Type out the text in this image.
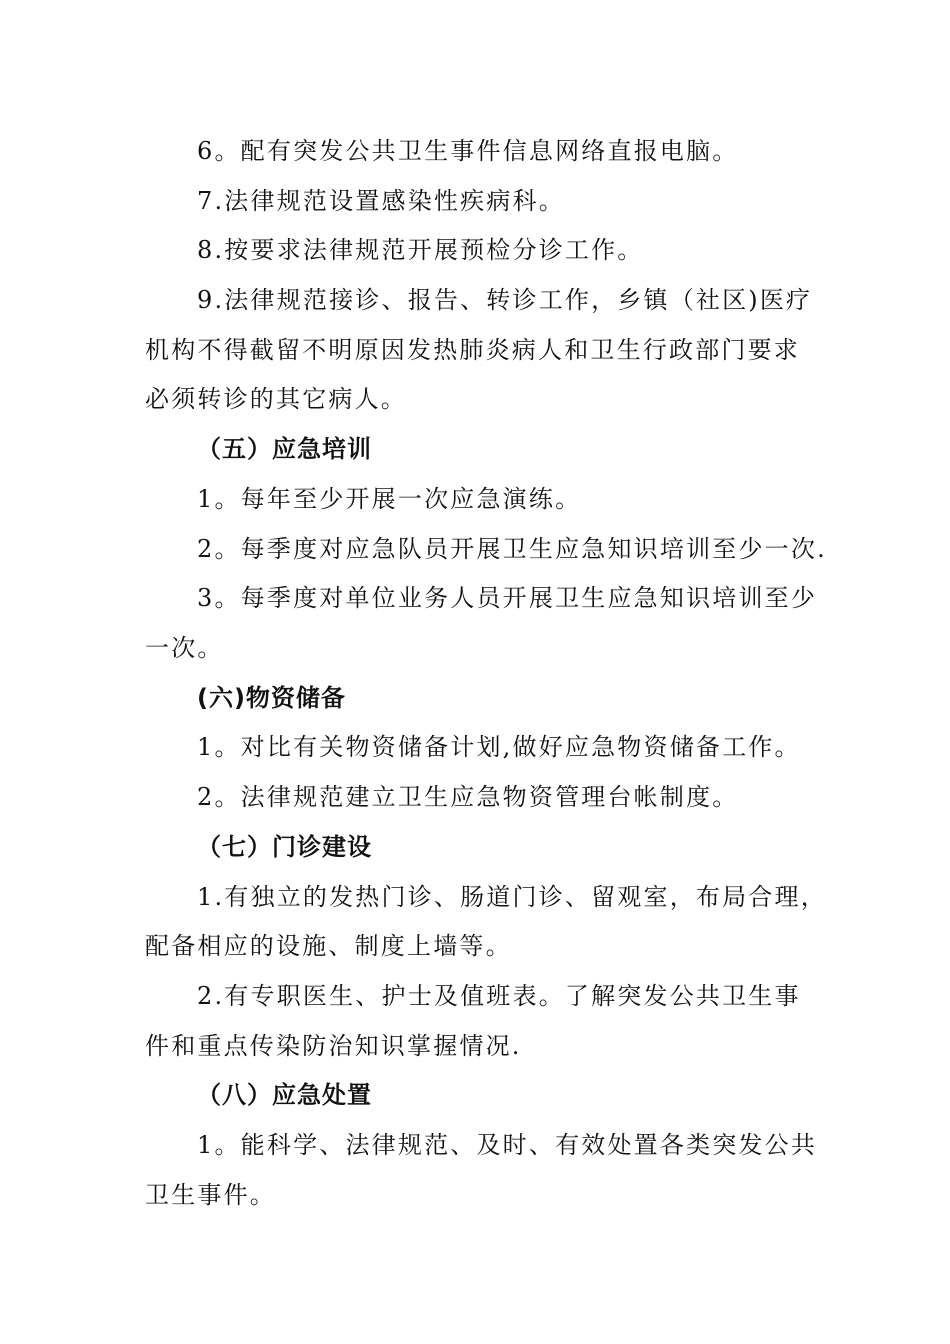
6。配有突发公共卫生事件信息网络直报电脑。
7.法律规范设置感染性疾病科。
8.按要求法律规范开展预检分诊工作。
9.法律规范接诊、报告、转诊工作，乡镇（社区)医疗
机构不得截留不明原因发热肺炎病人和卫生行政部门要求
必须转诊的其它病人。
（五）应急培训
1。每年至少开展一次应急演练。
2。每季度对应急队员开展卫生应急知识培训至少一次.
3。每季度对单位业务人员开展卫生应急知识培训至少
一次。
(六)物资储备
1。对比有关物资储备计划,做好应急物资储备工作。
2。法律规范建立卫生应急物资管理台帐制度。
（七）门诊建设
1.有独立的发热门诊、肠道门诊、留观室，布局合理，
配备相应的设施、制度上墙等。
2.有专职医生、护士及值班表。了解突发公共卫生事
件和重点传染防治知识掌握情况.
（八）应急处置
1。能科学、法律规范、及时、有效处置各类突发公共
卫生事件。
